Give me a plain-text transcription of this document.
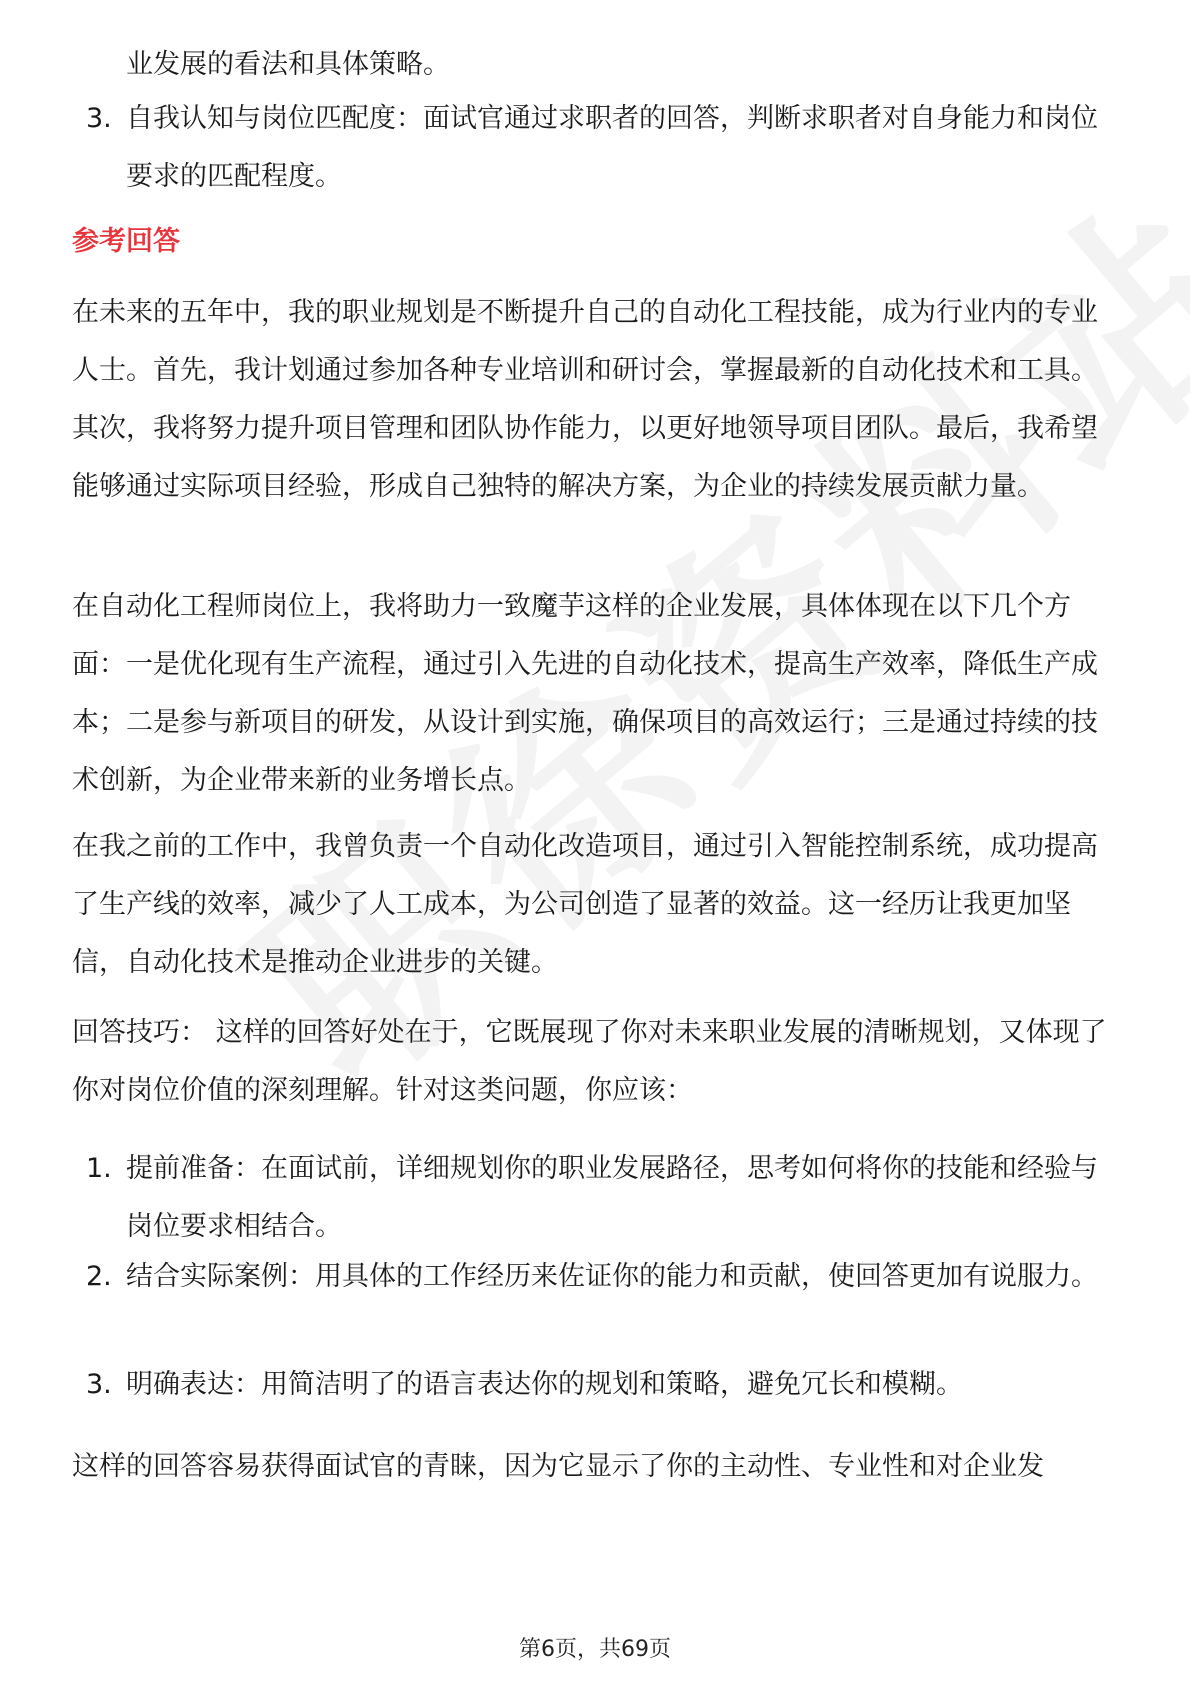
业发展的看法和具体策略。
3. 自我认知与岗位匹配度：面试官通过求职者的回答，判断求职者对自身能力和岗位要求的匹配程度。
参考回答
在未来的五年中，我的职业规划是不断提升自己的自动化工程技能，成为行业内的专业人士。首先，我计划通过参加各种专业培训和研讨会，掌握最新的自动化技术和工具。其次，我将努力提升项目管理和团队协作能力，以更好地领导项目团队。最后，我希望能够通过实际项目经验，形成自己独特的解决方案，为企业的持续发展贡献力量。
在自动化工程师岗位上，我将助力一致魔芋这样的企业发展，具体体现在以下几个方面：一是优化现有生产流程，通过引入先进的自动化技术，提高生产效率，降低生产成本；二是参与新项目的研发，从设计到实施，确保项目的高效运行；三是通过持续的技术创新，为企业带来新的业务增长点。
在我之前的工作中，我曾负责一个自动化改造项目，通过引入智能控制系统，成功提高了生产线的效率，减少了人工成本，为公司创造了显著的效益。这一经历让我更加坚信，自动化技术是推动企业进步的关键。
回答技巧： 这样的回答好处在于，它既展现了你对未来职业发展的清晰规划，又体现了你对岗位价值的深刻理解。针对这类问题，你应该：
1. 提前准备：在面试前，详细规划你的职业发展路径，思考如何将你的技能和经验与岗位要求相结合。
2. 结合实际案例：用具体的工作经历来佐证你的能力和贡献，使回答更加有说服力。
3. 明确表达：用简洁明了的语言表达你的规划和策略，避免冗长和模糊。
这样的回答容易获得面试官的青睐，因为它显示了你的主动性、专业性和对企业发
第6页，共69页
